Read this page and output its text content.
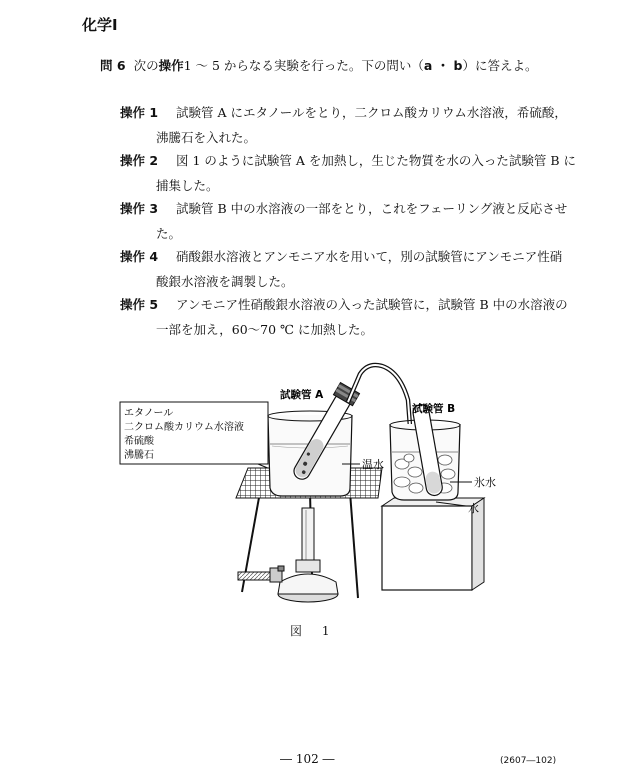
化学Ⅰ
問 6 次の操作1 ～ 5 からなる実験を行った。下の問い（a ・ b）に答えよ。
操作 1	試験管 A にエタノールをとり，二クロム酸カリウム水溶液，希硫酸，
沸騰石を入れた。
操作 2	図 1 のように試験管 A を加熱し，生じた物質を水の入った試験管 B に
捕集した。
操作 3	試験管 B 中の水溶液の一部をとり，これをフェーリング液と反応させ
た。
操作 4	硝酸銀水溶液とアンモニア水を用いて，別の試験管にアンモニア性硝
酸銀水溶液を調製した。
操作 5	アンモニア性硝酸銀水溶液の入った試験管に，試験管 B 中の水溶液の
一部を加え，60～70 ℃ に加熱した。
エタノール
二クロム酸カリウム水溶液
希硫酸
沸騰石
試験管 A
試験管 B
温水
氷水
水
図 1
― 102 ―	(2607―102)
